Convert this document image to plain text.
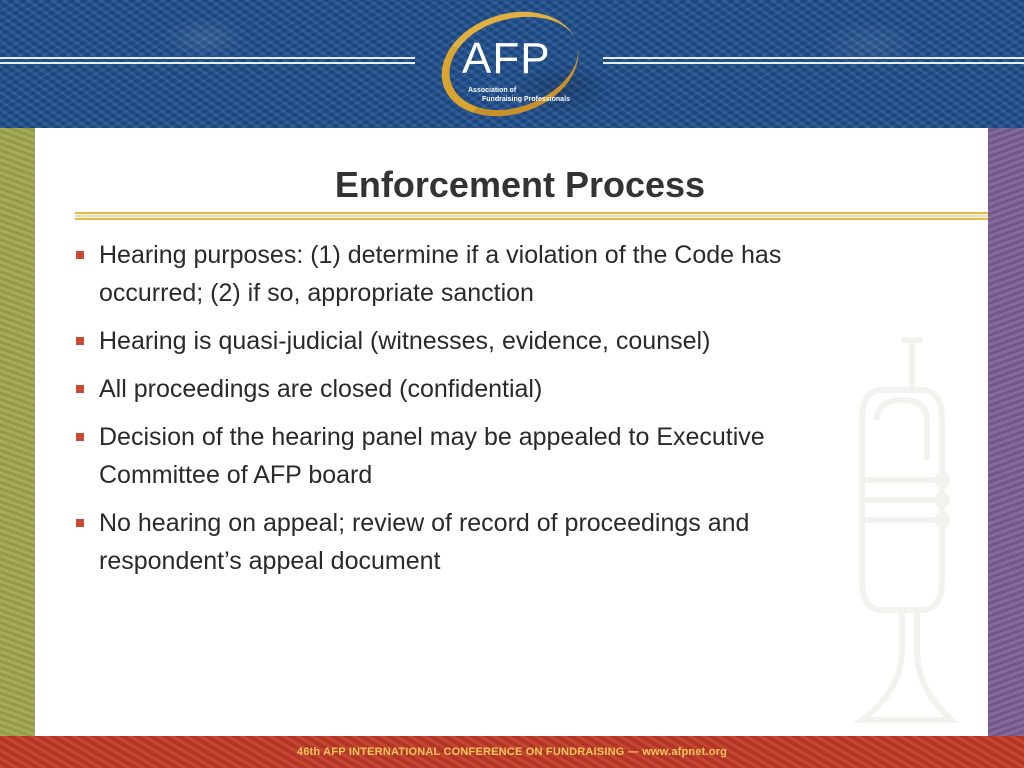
AFP
Association of
Fundraising Professionals
Enforcement Process
Hearing purposes: (1) determine if a violation of the Code has occurred; (2) if so, appropriate sanction
Hearing is quasi-judicial (witnesses, evidence, counsel)
All proceedings are closed (confidential)
Decision of the hearing panel may be appealed to Executive Committee of AFP board
No hearing on appeal; review of record of proceedings and respondent’s appeal document
46th AFP INTERNATIONAL CONFERENCE ON FUNDRAISING — www.afpnet.org
